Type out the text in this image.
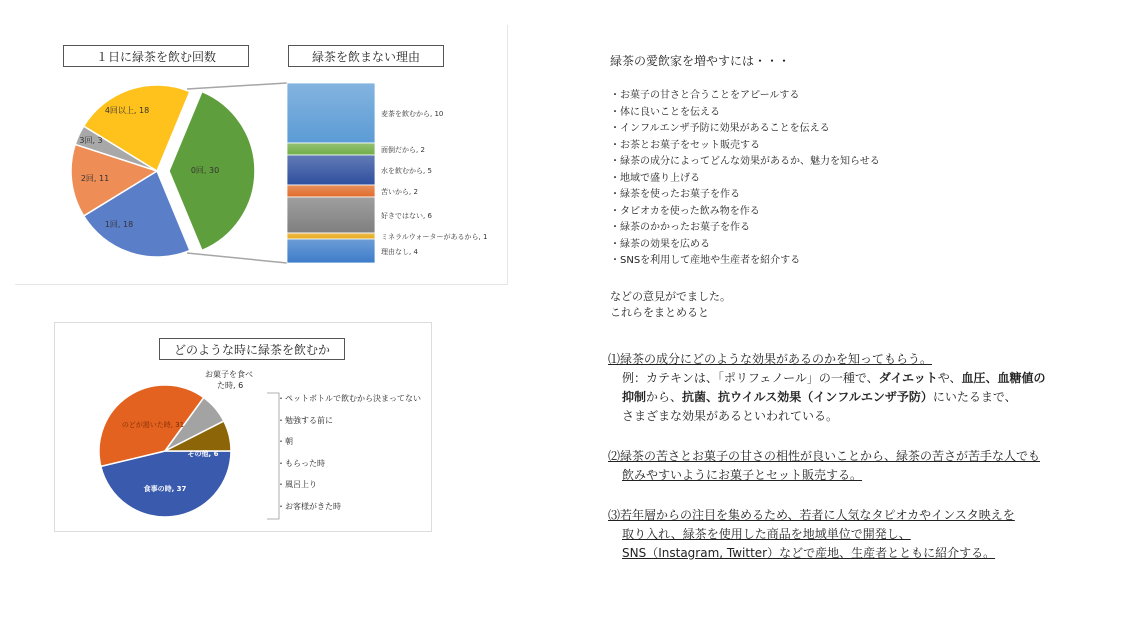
１日に緑茶を飲む回数	緑茶を飲まない理由
0回, 30
1回, 18
2回, 11
3回, 3
4回以上, 18	麦茶を飲むから, 10
面倒だから, 2
水を飲むから, 5
苦いから, 2
好きではない, 6
ミネラルウォーターがあるから, 1
理由なし, 4
どのような時に緑茶を飲むか
食事の時, 37
のどが渇いた時, 31
その他, 6
お菓子を食べ
た時, 6
・ペットボトルで飲むから決まってない
・勉強する前に
・朝
・もらった時
・風呂上り
・お客様がきた時
緑茶の愛飲家を増やすには・・・
・お菓子の甘さと合うことをアピールする
・体に良いことを伝える
・インフルエンザ予防に効果があることを伝える
・お茶とお菓子をセット販売する
・緑茶の成分によってどんな効果があるか、魅力を知らせる
・地域で盛り上げる
・緑茶を使ったお菓子を作る
・タピオカを使った飲み物を作る
・緑茶のかかったお菓子を作る
・緑茶の効果を広める
・SNSを利用して産地や生産者を紹介する
などの意見がでました。
これらをまとめると
⑴緑茶の成分にどのような効果があるのかを知ってもらう。
例：カテキンは、「ポリフェノール」の一種で、ダイエットや、血圧、血糖値の
抑制から、抗菌、抗ウイルス効果（インフルエンザ予防）にいたるまで、
さまざまな効果があるといわれている。
⑵緑茶の苦さとお菓子の甘さの相性が良いことから、緑茶の苦さが苦手な人でも
飲みやすいようにお菓子とセット販売する。
⑶若年層からの注目を集めるため、若者に人気なタピオカやインスタ映えを
取り入れ、緑茶を使用した商品を地域単位で開発し、
SNS（Instagram, Twitter）などで産地、生産者とともに紹介する。
